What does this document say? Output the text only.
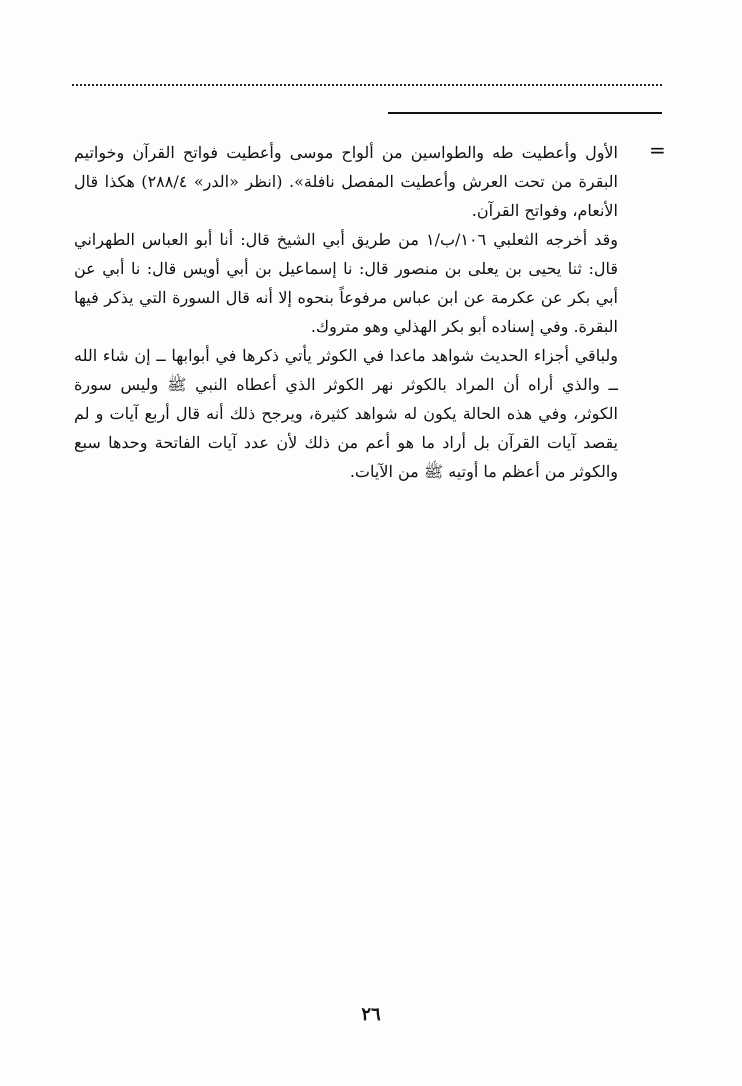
=

الأول وأعطيت طه والطواسين من ألواح موسى وأعطيت فواتح القرآن وخواتيم البقرة من تحت العرش وأعطيت المفصل نافلة». (انظر «الدر» ٢٨٨/٤) هكذا قال الأنعام، وفواتح القرآن.

وقد أخرجه الثعلبي ١٠٦/ب/١ من طريق أبي الشيخ قال: أنا أبو العباس الطهراني قال: ثنا يحيى بن يعلى بن منصور قال: نا إسماعيل بن أبي أويس قال: نا أبي عن أبي بكر عن عكرمة عن ابن عباس مرفوعاً بنحوه إلا أنه قال السورة التي يذكر فيها البقرة. وفي إسناده أبو بكر الهذلي وهو متروك.

ولباقي أجزاء الحديث شواهد ماعدا في الكوثر يأتي ذكرها في أبوابها ــ إن شاء الله ــ والذي أراه أن المراد بالكوثر نهر الكوثر الذي أعطاه النبي ﷺ وليس سورة الكوثر، وفي هذه الحالة يكون له شواهد كثيرة، ويرجح ذلك أنه قال أربع آيات و لم يقصد آيات القرآن بل أراد ما هو أعم من ذلك لأن عدد آيات الفاتحة وحدها سبع والكوثر من أعظم ما أوتيه ﷺ من الآيات.

٢٦
